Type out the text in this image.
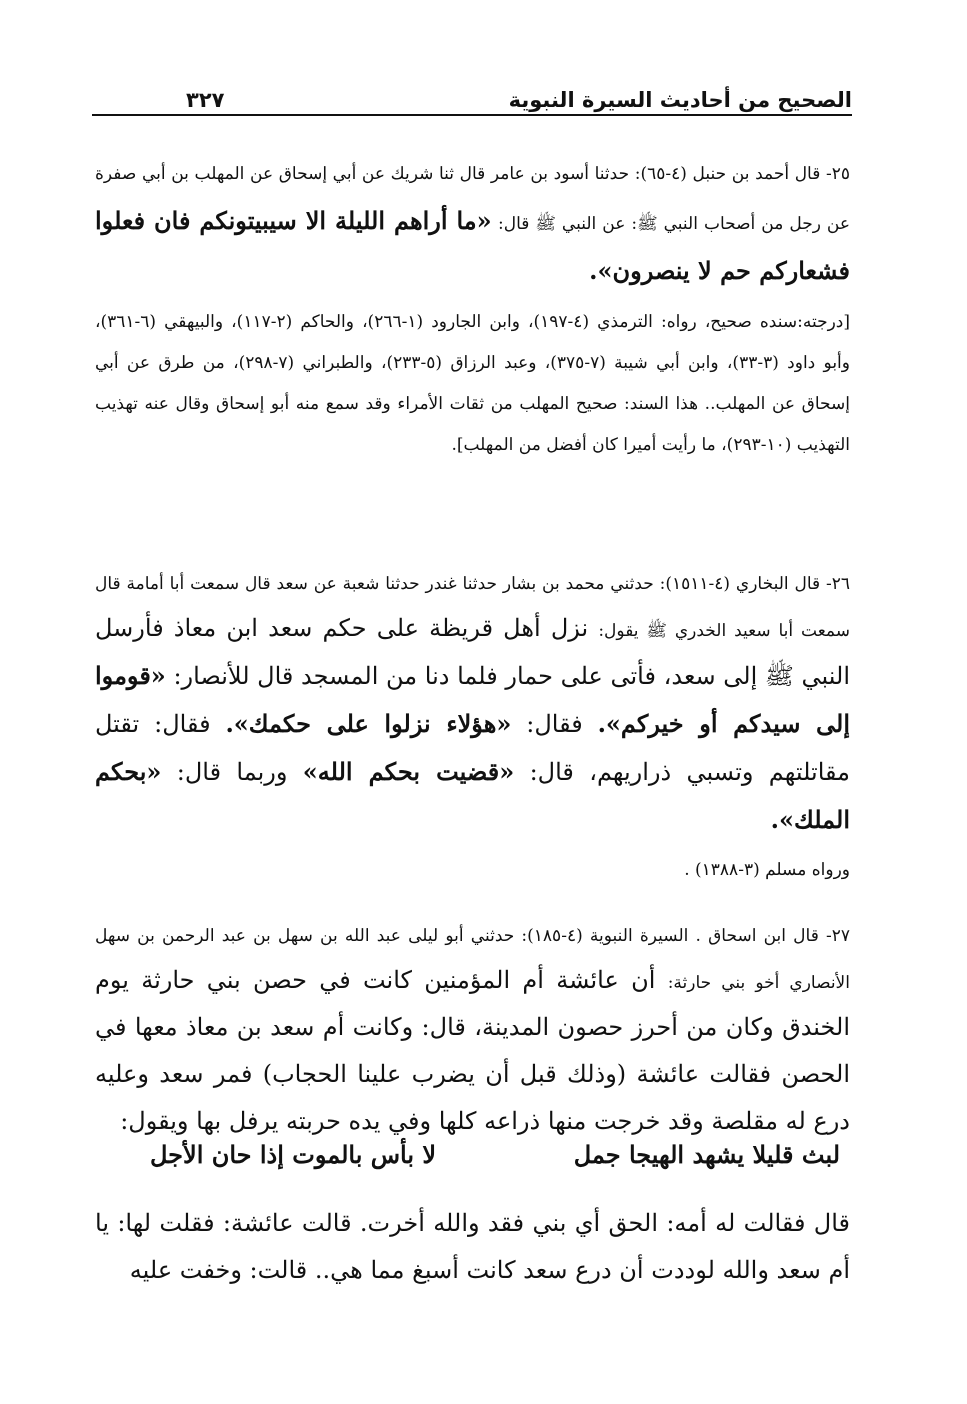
الصحيح من أحاديث السيرة النبوية
٣٢٧

٢٥- قال أحمد بن حنبل (٤-٦٥): حدثنا أسود بن عامر قال ثنا شريك عن أبي إسحاق عن المهلب بن أبي صفرة عن رجل من أصحاب النبي ﷺ: عن النبي ﷺ قال: «ما أراهم الليلة الا سيبيتونكم فان فعلوا فشعاركم حم لا ينصرون».

[درجته:سنده صحيح، رواه: الترمذي (٤-١٩٧)، وابن الجارود (١-٢٦٦)، والحاكم (٢-١١٧)، والبيهقي (٦-٣٦١)، وأبو داود (٣-٣٣)، وابن أبي شيبة (٧-٣٧٥)، وعبد الرزاق (٥-٢٣٣)، والطبراني (٧-٢٩٨)، من طرق عن أبي إسحاق عن المهلب.. هذا السند: صحيح المهلب من ثقات الأمراء وقد سمع منه أبو إسحاق وقال عنه تهذيب التهذيب (١٠-٢٩٣)، ما رأيت أميرا كان أفضل من المهلب].

٢٦- قال البخاري (٤-١٥١١): حدثني محمد بن بشار حدثنا غندر حدثنا شعبة عن سعد قال سمعت أبا أمامة قال سمعت أبا سعيد الخدري ﷺ يقول: نزل أهل قريظة على حكم سعد ابن معاذ فأرسل النبي ﷺ إلى سعد، فأتى على حمار فلما دنا من المسجد قال للأنصار: «قوموا إلى سيدكم أو خيركم». فقال: «هؤلاء نزلوا على حكمك». فقال: تقتل مقاتلتهم وتسبي ذراريهم، قال: «قضيت بحكم الله» وربما قال: «بحكم الملك».

ورواه مسلم (٣-١٣٨٨) .

٢٧- قال ابن اسحاق . السيرة النبوية (٤-١٨٥): حدثني أبو ليلى عبد الله بن سهل بن عبد الرحمن بن سهل الأنصاري أخو بني حارثة: أن عائشة أم المؤمنين كانت في حصن بني حارثة يوم الخندق وكان من أحرز حصون المدينة، قال: وكانت أم سعد بن معاذ معها في الحصن فقالت عائشة (وذلك قبل أن يضرب علينا الحجاب) فمر سعد وعليه درع له مقلصة وقد خرجت منها ذراعه كلها وفي يده حربته يرفل بها ويقول:

لبث قليلا يشهد الهيجا جمل
لا بأس بالموت إذا حان الأجل

قال فقالت له أمه: الحق أي بني فقد والله أخرت. قالت عائشة: فقلت لها: يا أم سعد والله لوددت أن درع سعد كانت أسبغ مما هي.. قالت: وخفت عليه
